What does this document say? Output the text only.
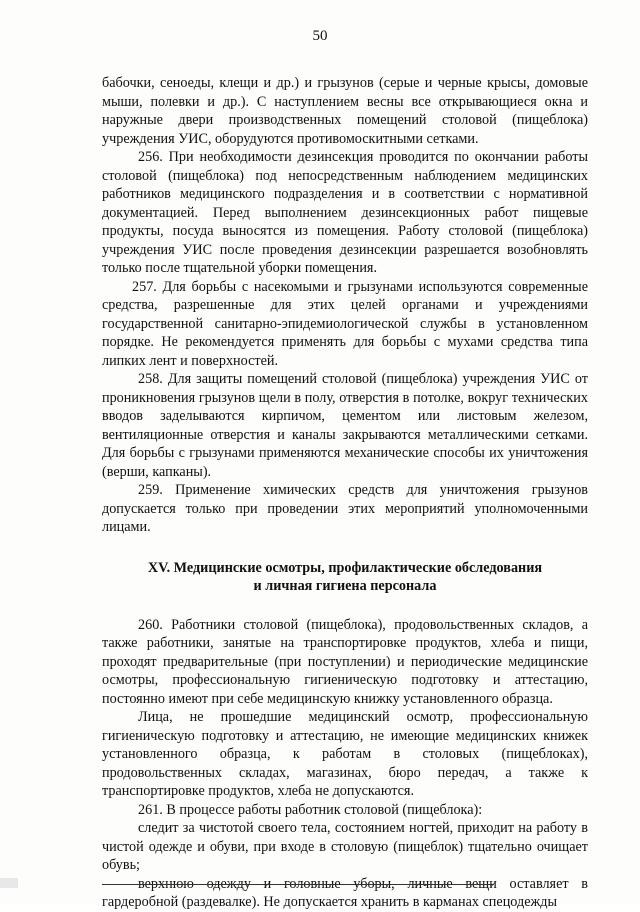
50

бабочки, сеноеды, клещи и др.) и грызунов (серые и черные крысы, домовые мыши, полевки и др.). С наступлением весны все открывающиеся окна и наружные двери производственных помещений столовой (пищеблока) учреждения УИС, оборудуются противомоскитными сетками.

256. При необходимости дезинсекция проводится по окончании работы столовой (пищеблока) под непосредственным наблюдением медицинских работников медицинского подразделения и в соответствии с нормативной документацией. Перед выполнением дезинсекционных работ пищевые продукты, посуда выносятся из помещения. Работу столовой (пищеблока) учреждения УИС после проведения дезинсекции разрешается возобновлять только после тщательной уборки помещения.

257. Для борьбы с насекомыми и грызунами используются современные средства, разрешенные для этих целей органами и учреждениями государственной санитарно-эпидемиологической службы в установленном порядке. Не рекомендуется применять для борьбы с мухами средства типа липких лент и поверхностей.

258. Для защиты помещений столовой (пищеблока) учреждения УИС от проникновения грызунов щели в полу, отверстия в потолке, вокруг технических вводов заделываются кирпичом, цементом или листовым железом, вентиляционные отверстия и каналы закрываются металлическими сетками. Для борьбы с грызунами применяются механические способы их уничтожения (верши, капканы).

259. Применение химических средств для уничтожения грызунов допускается только при проведении этих мероприятий уполномоченными лицами.

XV. Медицинские осмотры, профилактические обследования
и личная гигиена персонала

260. Работники столовой (пищеблока), продовольственных складов, а также работники, занятые на транспортировке продуктов, хлеба и пищи, проходят предварительные (при поступлении) и периодические медицинские осмотры, профессиональную гигиеническую подготовку и аттестацию, постоянно имеют при себе медицинскую книжку установленного образца.

Лица, не прошедшие медицинский осмотр, профессиональную гигиеническую подготовку и аттестацию, не имеющие медицинских книжек установленного образца, к работам в столовых (пищеблоках), продовольственных складах, магазинах, бюро передач, а также к транспортировке продуктов, хлеба не допускаются.

261. В процессе работы работник столовой (пищеблока):

следит за чистотой своего тела, состоянием ногтей, приходит на работу в чистой одежде и обуви, при входе в столовую (пищеблок) тщательно очищает обувь;

верхнюю одежду и головные уборы, личные вещи оставляет в гардеробной (раздевалке). Не допускается хранить в карманах спецодежды
